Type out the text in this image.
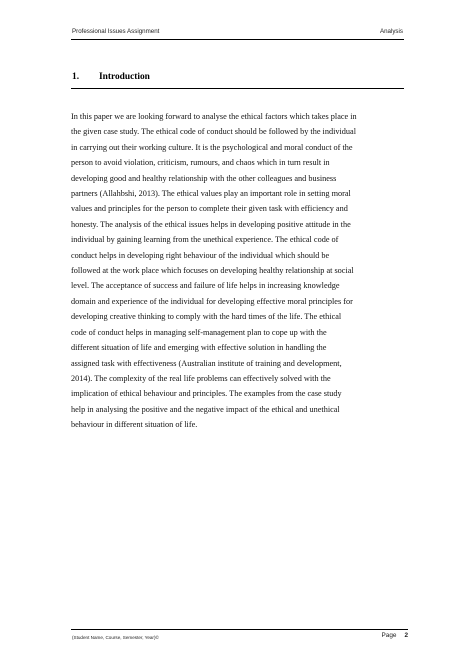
Professional Issues Assignment	Analysis
1. Introduction
In this paper we are looking forward to analyse the ethical factors which takes place in
the given case study. The ethical code of conduct should be followed by the individual
in carrying out their working culture. It is the psychological and moral conduct of the
person to avoid violation, criticism, rumours, and chaos which in turn result in
developing good and healthy relationship with the other colleagues and business
partners (Allahbshi, 2013). The ethical values play an important role in setting moral
values and principles for the person to complete their given task with efficiency and
honesty. The analysis of the ethical issues helps in developing positive attitude in the
individual by gaining learning from the unethical experience. The ethical code of
conduct helps in developing right behaviour of the individual which should be
followed at the work place which focuses on developing healthy relationship at social
level. The acceptance of success and failure of life helps in increasing knowledge
domain and experience of the individual for developing effective moral principles for
developing creative thinking to comply with the hard times of the life. The ethical
code of conduct helps in managing self-management plan to cope up with the
different situation of life and emerging with effective solution in handling the
assigned task with effectiveness (Australian institute of training and development,
2014). The complexity of the real life problems can effectively solved with the
implication of ethical behaviour and principles. The examples from the case study
help in analysing the positive and the negative impact of the ethical and unethical
behaviour in different situation of life.
(Student Name, Course, Semester, Year)©	Page 2
